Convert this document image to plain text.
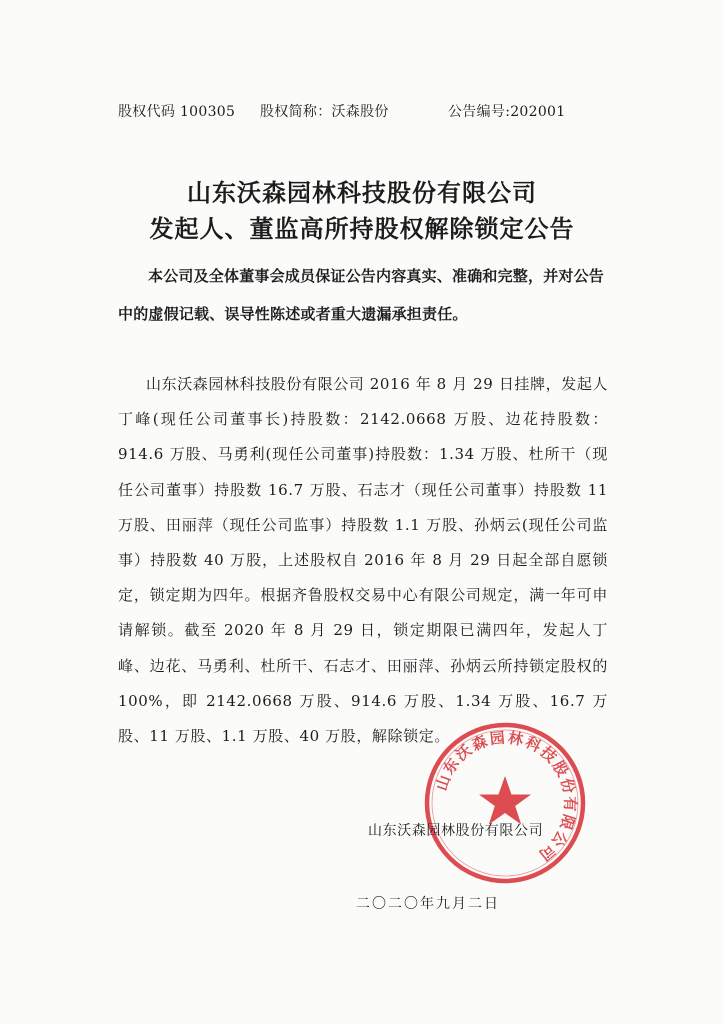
股权代码 100305 股权简称：沃森股份	公告编号:202001
山东沃森园林科技股份有限公司
发起人、董监高所持股权解除锁定公告
本公司及全体董事会成员保证公告内容真实、准确和完整，并对公告中的虚假记载、误导性陈述或者重大遗漏承担责任。
山东沃森园林科技股份有限公司 2016 年 8 月 29 日挂牌，发起人丁峰(现任公司董事长)持股数：2142.0668 万股、边花持股数：914.6 万股、马勇利(现任公司董事)持股数：1.34 万股、杜所干（现任公司董事）持股数 16.7 万股、石志才（现任公司董事）持股数 11 万股、田丽萍（现任公司监事）持股数 1.1 万股、孙炳云(现任公司监事）持股数 40 万股，上述股权自 2016 年 8 月 29 日起全部自愿锁定，锁定期为四年。根据齐鲁股权交易中心有限公司规定，满一年可申请解锁。截至 2020 年 8 月 29 日，锁定期限已满四年，发起人丁峰、边花、马勇利、杜所干、石志才、田丽萍、孙炳云所持锁定股权的 100%，即 2142.0668 万股、914.6 万股、1.34 万股、16.7 万股、11 万股、1.1 万股、40 万股，解除锁定。
山东沃森园林科技股份有限公司
山东沃森园林股份有限公司
二〇二〇年九月二日
